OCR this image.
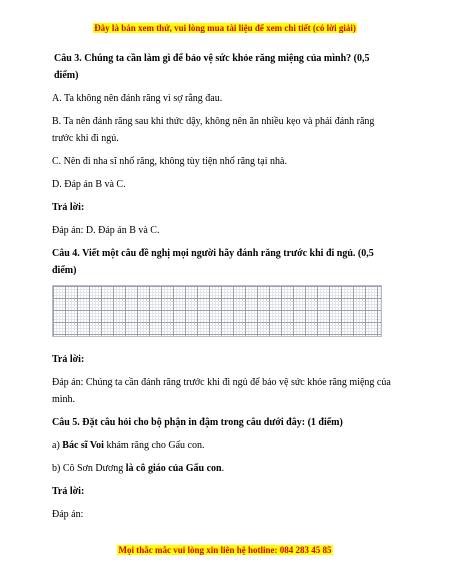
Đây là bản xem thử, vui lòng mua tài liệu để xem chi tiết (có lời giải)

Câu 3. Chúng ta cần làm gì để bảo vệ sức khỏe răng miệng của mình? (0,5 điểm)

A. Ta không nên đánh răng vì sợ rằng đau.

B. Ta nên đánh răng sau khi thức dậy, không nên ăn nhiều kẹo và phải đánh răng trước khi đi ngủ.

C. Nên đi nha sĩ nhổ răng, không tùy tiện nhổ răng tại nhà.

D. Đáp án B và C.

Trả lời:

Đáp án: D. Đáp án B và C.

Câu 4. Viết một câu đề nghị mọi người hãy đánh răng trước khi đi ngủ. (0,5 điểm)

Trả lời:

Đáp án: Chúng ta cần đánh răng trước khi đi ngủ để bảo vệ sức khỏe răng miệng của mình.

Câu 5. Đặt câu hỏi cho bộ phận in đậm trong câu dưới đây: (1 điểm)

a) Bác sĩ Voi khám răng cho Gấu con.

b) Cô Sơn Dương là cô giáo của Gấu con.

Trả lời:

Đáp án:

Mọi thắc mắc vui lòng xin liên hệ hotline: 084 283 45 85
